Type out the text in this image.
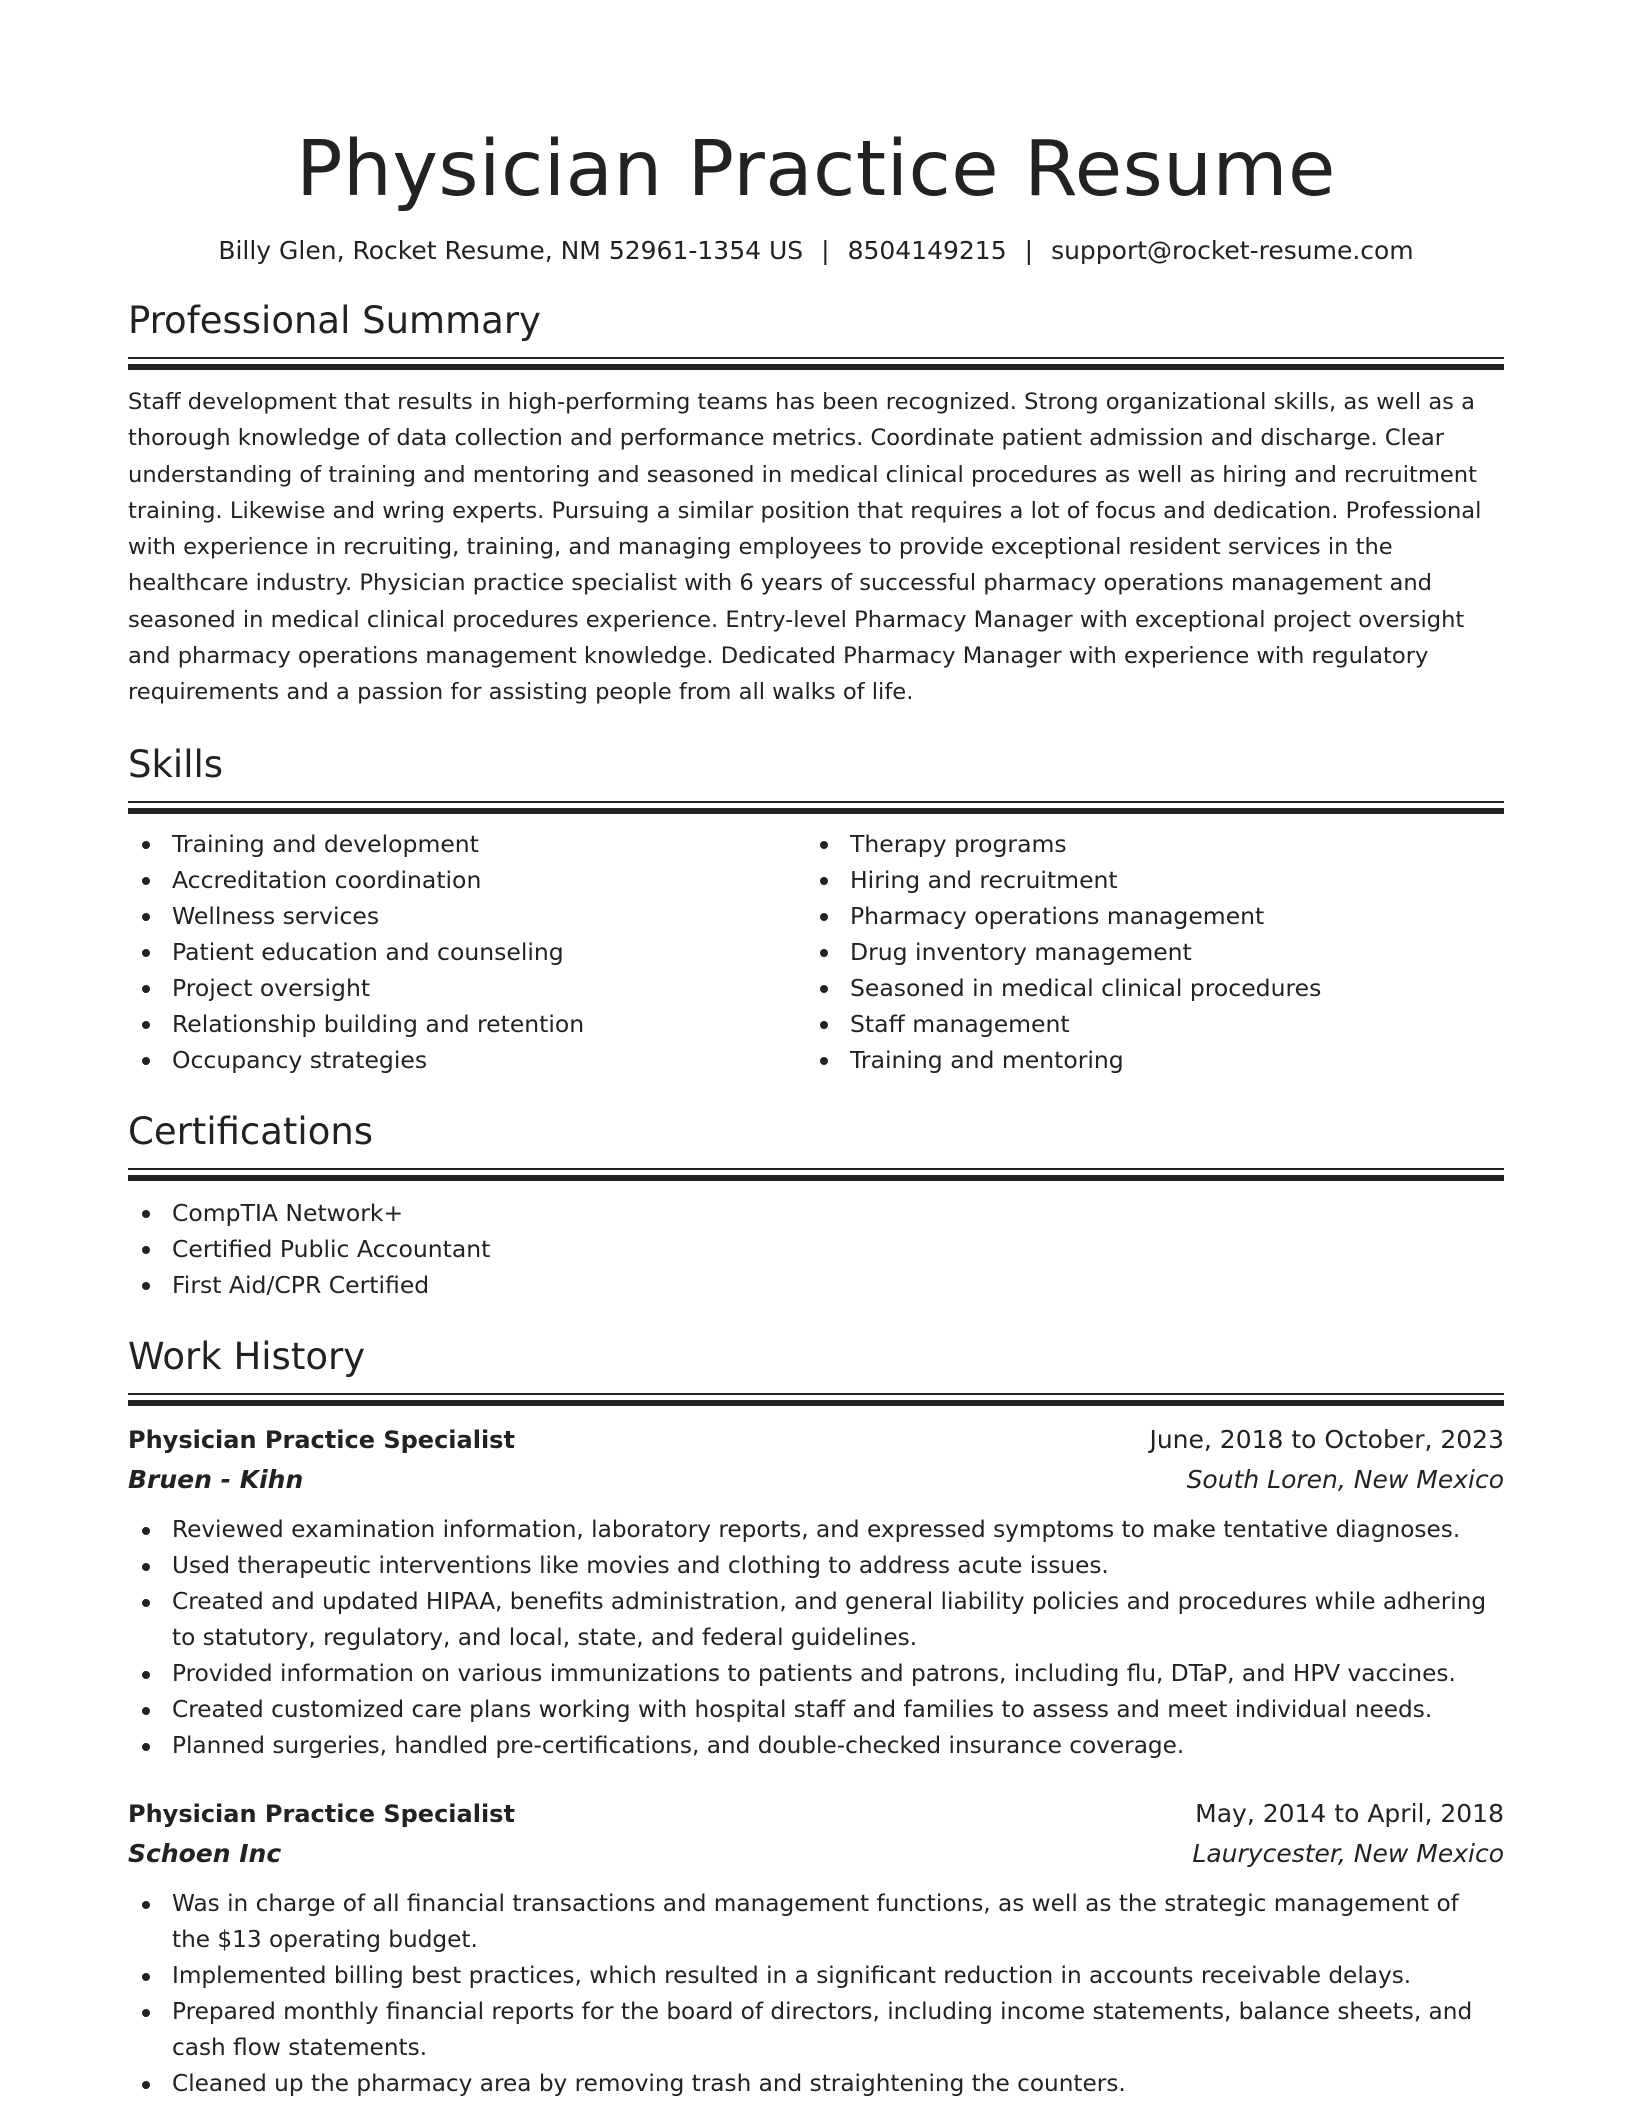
Physician Practice Resume
Billy Glen, Rocket Resume, NM 52961-1354 US | 8504149215 | support@rocket-resume.com
Professional Summary

Staff development that results in high-performing teams has been recognized. Strong organizational skills, as well as a thorough knowledge of data collection and performance metrics. Coordinate patient admission and discharge. Clear understanding of training and mentoring and seasoned in medical clinical procedures as well as hiring and recruitment training. Likewise and wring experts. Pursuing a similar position that requires a lot of focus and dedication. Professional with experience in recruiting, training, and managing employees to provide exceptional resident services in the healthcare industry. Physician practice specialist with 6 years of successful pharmacy operations management and seasoned in medical clinical procedures experience. Entry-level Pharmacy Manager with exceptional project oversight and pharmacy operations management knowledge. Dedicated Pharmacy Manager with experience with regulatory requirements and a passion for assisting people from all walks of life.

Skills
Training and development
Accreditation coordination
Wellness services
Patient education and counseling
Project oversight
Relationship building and retention
Occupancy strategies
Therapy programs
Hiring and recruitment
Pharmacy operations management
Drug inventory management
Seasoned in medical clinical procedures
Staff management
Training and mentoring
Certifications
CompTIA Network+
Certified Public Accountant
First Aid/CPR Certified
Work History
Physician Practice Specialist	June, 2018 to October, 2023
Bruen - Kihn	South Loren, New Mexico
Reviewed examination information, laboratory reports, and expressed symptoms to make tentative diagnoses.
Used therapeutic interventions like movies and clothing to address acute issues.
Created and updated HIPAA, benefits administration, and general liability policies and procedures while adhering to statutory, regulatory, and local, state, and federal guidelines.
Provided information on various immunizations to patients and patrons, including flu, DTaP, and HPV vaccines.
Created customized care plans working with hospital staff and families to assess and meet individual needs.
Planned surgeries, handled pre-certifications, and double-checked insurance coverage.
Physician Practice Specialist	May, 2014 to April, 2018
Schoen Inc	Laurycester, New Mexico
Was in charge of all financial transactions and management functions, as well as the strategic management of the $13 operating budget.
Implemented billing best practices, which resulted in a significant reduction in accounts receivable delays.
Prepared monthly financial reports for the board of directors, including income statements, balance sheets, and cash flow statements.
Cleaned up the pharmacy area by removing trash and straightening the counters.
